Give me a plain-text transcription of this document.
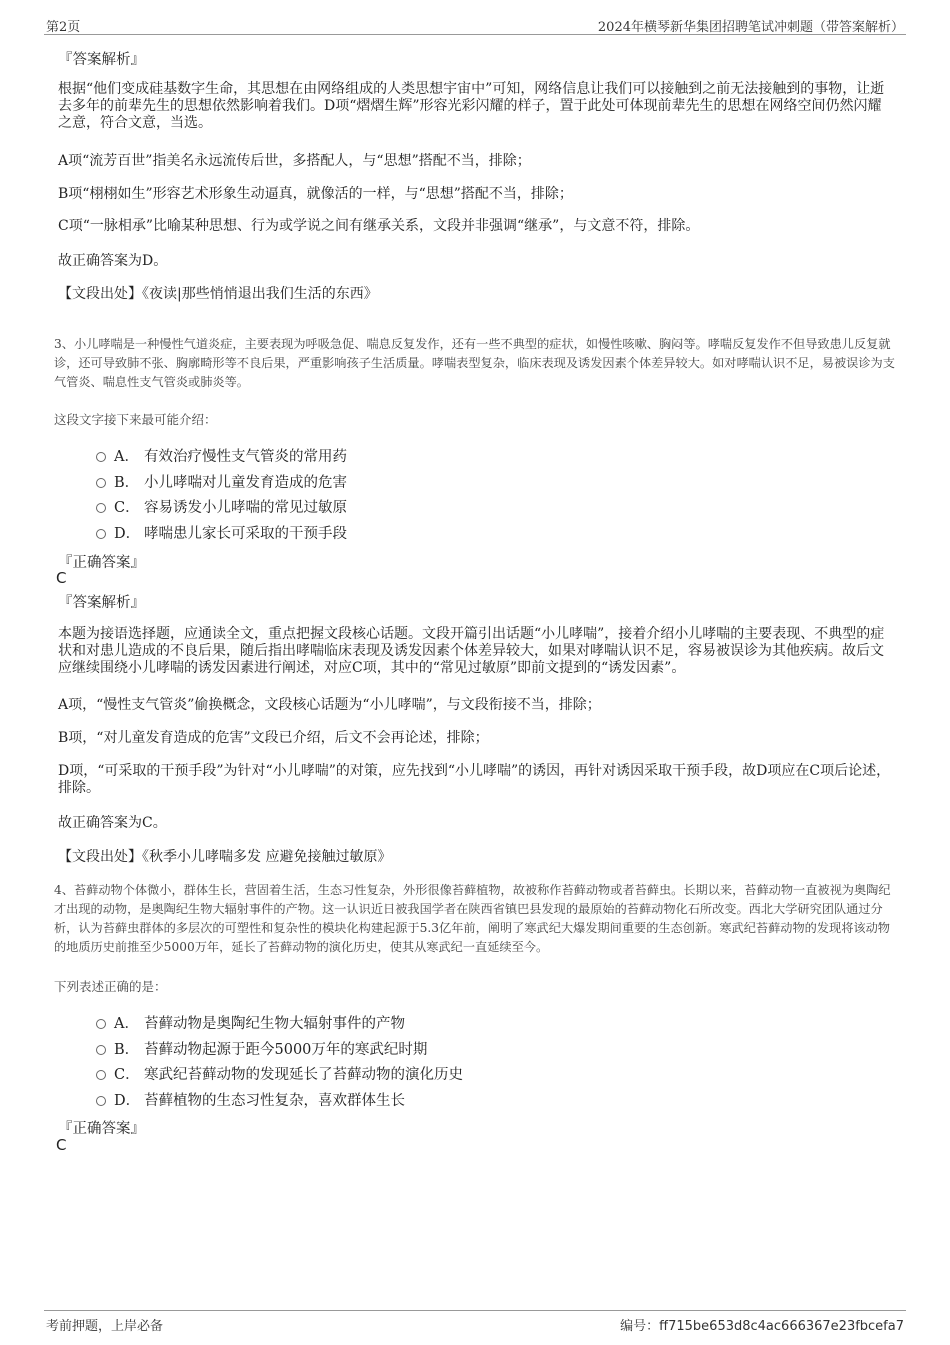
第2页	2024年横琴新华集团招聘笔试冲刺题（带答案解析）
『答案解析』
根据“他们变成硅基数字生命，其思想在由网络组成的人类思想宇宙中”可知，网络信息让我们可以接触到之前无法接触到的事物，让逝去多年的前辈先生的思想依然影响着我们。D项“熠熠生辉”形容光彩闪耀的样子，置于此处可体现前辈先生的思想在网络空间仍然闪耀之意，符合文意，当选。
A项“流芳百世”指美名永远流传后世，多搭配人，与“思想”搭配不当，排除；
B项“栩栩如生”形容艺术形象生动逼真，就像活的一样，与“思想”搭配不当，排除；
C项“一脉相承”比喻某种思想、行为或学说之间有继承关系，文段并非强调“继承”，与文意不符，排除。
故正确答案为D。
【文段出处】《夜读|那些悄悄退出我们生活的东西》
3、小儿哮喘是一种慢性气道炎症，主要表现为呼吸急促、喘息反复发作，还有一些不典型的症状，如慢性咳嗽、胸闷等。哮喘反复发作不但导致患儿反复就诊，还可导致肺不张、胸廓畸形等不良后果，严重影响孩子生活质量。哮喘表型复杂，临床表现及诱发因素个体差异较大。如对哮喘认识不足，易被误诊为支气管炎、喘息性支气管炎或肺炎等。
这段文字接下来最可能介绍：
A． 有效治疗慢性支气管炎的常用药
B． 小儿哮喘对儿童发育造成的危害
C． 容易诱发小儿哮喘的常见过敏原
D． 哮喘患儿家长可采取的干预手段
『正确答案』
C
『答案解析』
本题为接语选择题，应通读全文，重点把握文段核心话题。文段开篇引出话题“小儿哮喘”，接着介绍小儿哮喘的主要表现、不典型的症状和对患儿造成的不良后果，随后指出哮喘临床表现及诱发因素个体差异较大，如果对哮喘认识不足，容易被误诊为其他疾病。故后文应继续围绕小儿哮喘的诱发因素进行阐述，对应C项，其中的“常见过敏原”即前文提到的“诱发因素”。
A项，“慢性支气管炎”偷换概念，文段核心话题为“小儿哮喘”，与文段衔接不当，排除；
B项，“对儿童发育造成的危害”文段已介绍，后文不会再论述，排除；
D项，“可采取的干预手段”为针对“小儿哮喘”的对策，应先找到“小儿哮喘”的诱因，再针对诱因采取干预手段，故D项应在C项后论述，排除。
故正确答案为C。
【文段出处】《秋季小儿哮喘多发 应避免接触过敏原》
4、苔藓动物个体微小，群体生长，营固着生活，生态习性复杂，外形很像苔藓植物，故被称作苔藓动物或者苔藓虫。长期以来，苔藓动物一直被视为奥陶纪才出现的动物，是奥陶纪生物大辐射事件的产物。这一认识近日被我国学者在陕西省镇巴县发现的最原始的苔藓动物化石所改变。西北大学研究团队通过分析，认为苔藓虫群体的多层次的可塑性和复杂性的模块化构建起源于5.3亿年前，阐明了寒武纪大爆发期间重要的生态创新。寒武纪苔藓动物的发现将该动物的地质历史前推至少5000万年，延长了苔藓动物的演化历史，使其从寒武纪一直延续至今。
下列表述正确的是：
A． 苔藓动物是奥陶纪生物大辐射事件的产物
B． 苔藓动物起源于距今5000万年的寒武纪时期
C． 寒武纪苔藓动物的发现延长了苔藓动物的演化历史
D． 苔藓植物的生态习性复杂，喜欢群体生长
『正确答案』
C
考前押题，上岸必备	编号：ff715be653d8c4ac666367e23fbcefa7
